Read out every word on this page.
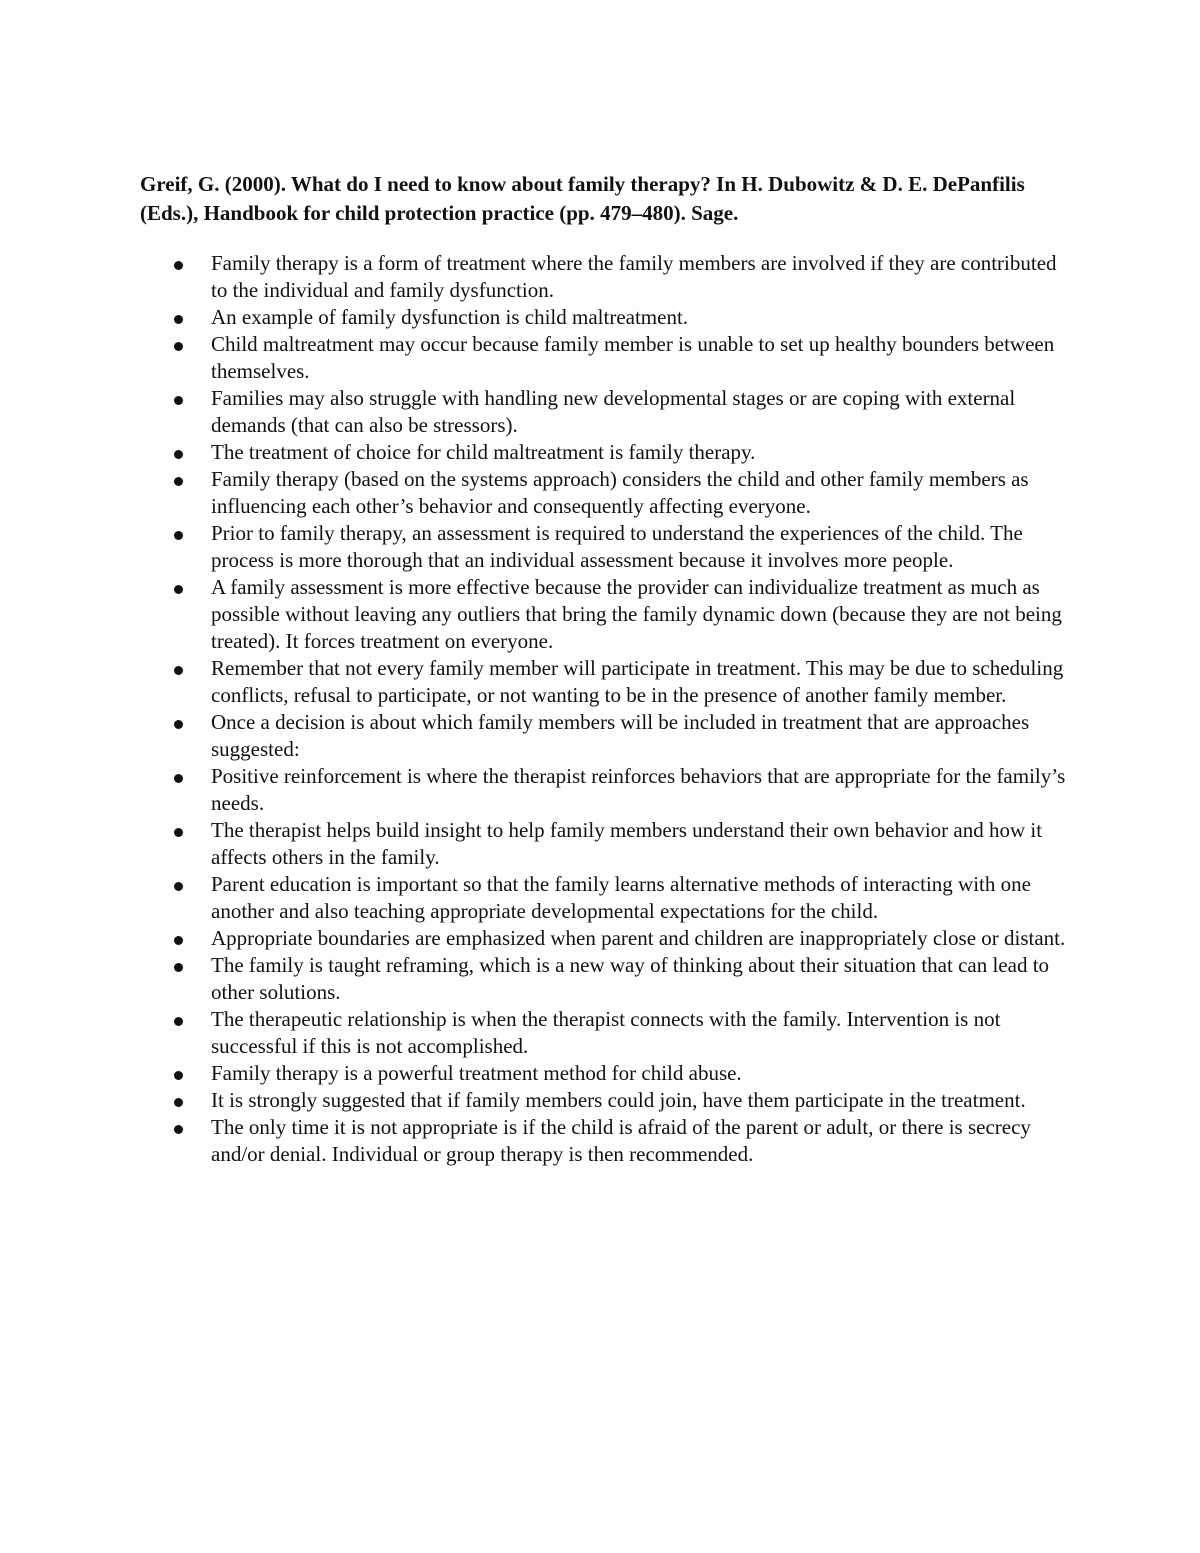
Greif, G. (2000). What do I need to know about family therapy? In H. Dubowitz & D. E. DePanfilis (Eds.), Handbook for child protection practice (pp. 479–480). Sage.

Family therapy is a form of treatment where the family members are involved if they are contributed to the individual and family dysfunction.
An example of family dysfunction is child maltreatment.
Child maltreatment may occur because family member is unable to set up healthy bounders between themselves.
Families may also struggle with handling new developmental stages or are coping with external demands (that can also be stressors).
The treatment of choice for child maltreatment is family therapy.
Family therapy (based on the systems approach) considers the child and other family members as influencing each other’s behavior and consequently affecting everyone.
Prior to family therapy, an assessment is required to understand the experiences of the child. The process is more thorough that an individual assessment because it involves more people.
A family assessment is more effective because the provider can individualize treatment as much as possible without leaving any outliers that bring the family dynamic down (because they are not being treated). It forces treatment on everyone.
Remember that not every family member will participate in treatment. This may be due to scheduling conflicts, refusal to participate, or not wanting to be in the presence of another family member.
Once a decision is about which family members will be included in treatment that are approaches suggested:
Positive reinforcement is where the therapist reinforces behaviors that are appropriate for the family’s needs.
The therapist helps build insight to help family members understand their own behavior and how it affects others in the family.
Parent education is important so that the family learns alternative methods of interacting with one another and also teaching appropriate developmental expectations for the child.
Appropriate boundaries are emphasized when parent and children are inappropriately close or distant.
The family is taught reframing, which is a new way of thinking about their situation that can lead to other solutions.
The therapeutic relationship is when the therapist connects with the family. Intervention is not successful if this is not accomplished.
Family therapy is a powerful treatment method for child abuse.
It is strongly suggested that if family members could join, have them participate in the treatment.
The only time it is not appropriate is if the child is afraid of the parent or adult, or there is secrecy and/or denial. Individual or group therapy is then recommended.
